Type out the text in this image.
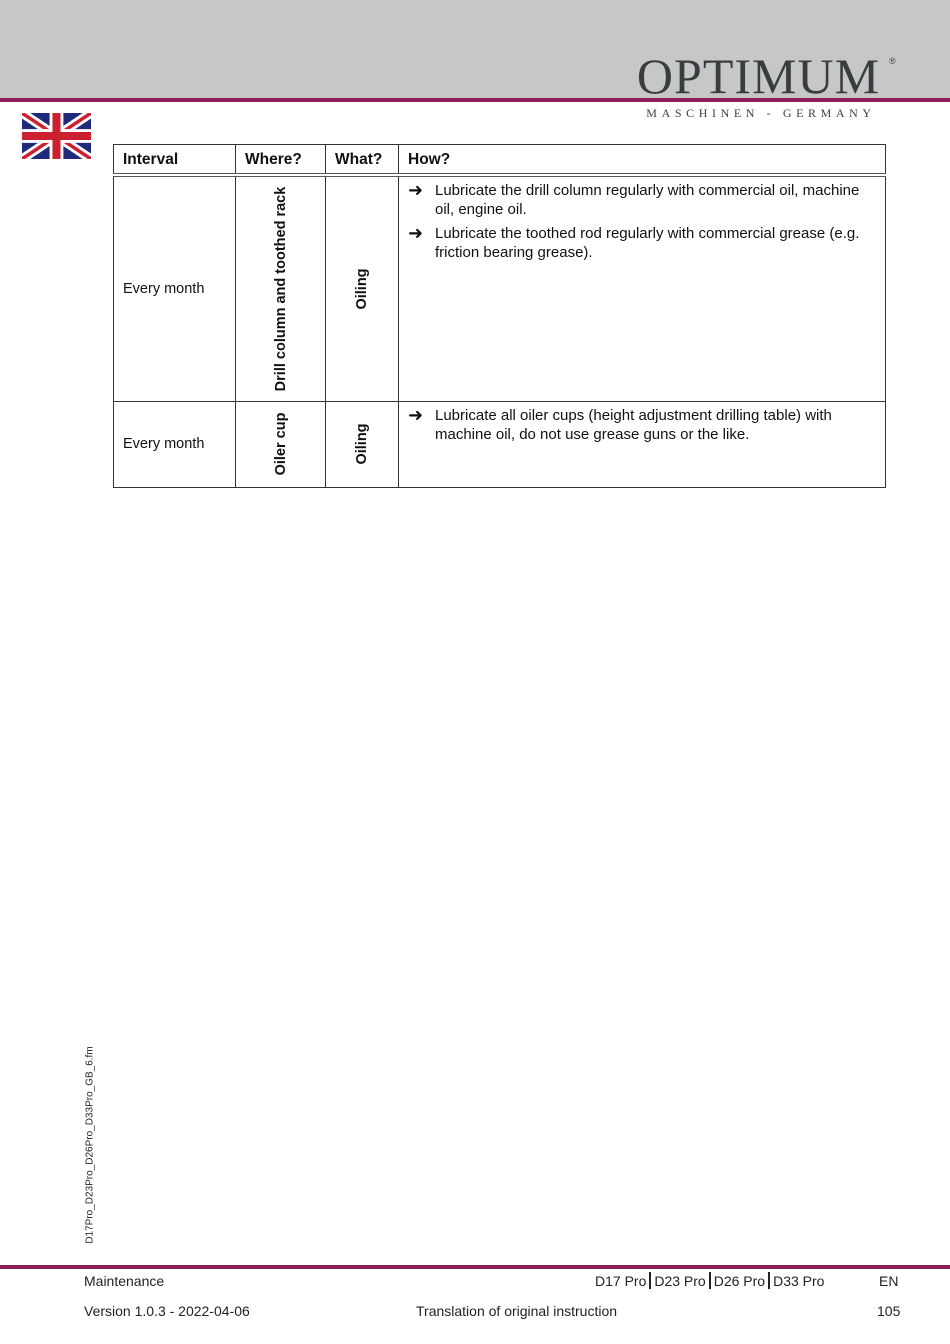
OPTIMUM ®
MASCHINEN - GERMANY
Interval	Where?	What?	How?
Every month	Drill column and toothed rack	Oiling	➜ Lubricate the drill column regularly with commercial oil, machine oil, engine oil.
➜ Lubricate the toothed rod regularly with commercial grease (e.g. friction bearing grease).

Every month	Oiler cup	Oiling	➜ Lubricate all oiler cups (height adjustment drilling table) with machine oil, do not use grease guns or the like.
D17Pro_D23Pro_D26Pro_D33Pro_GB_6.fm
Maintenance	D17 Pro D23 Pro D26 Pro D33 Pro	EN
Version 1.0.3 - 2022-04-06	Translation of original instruction	105
